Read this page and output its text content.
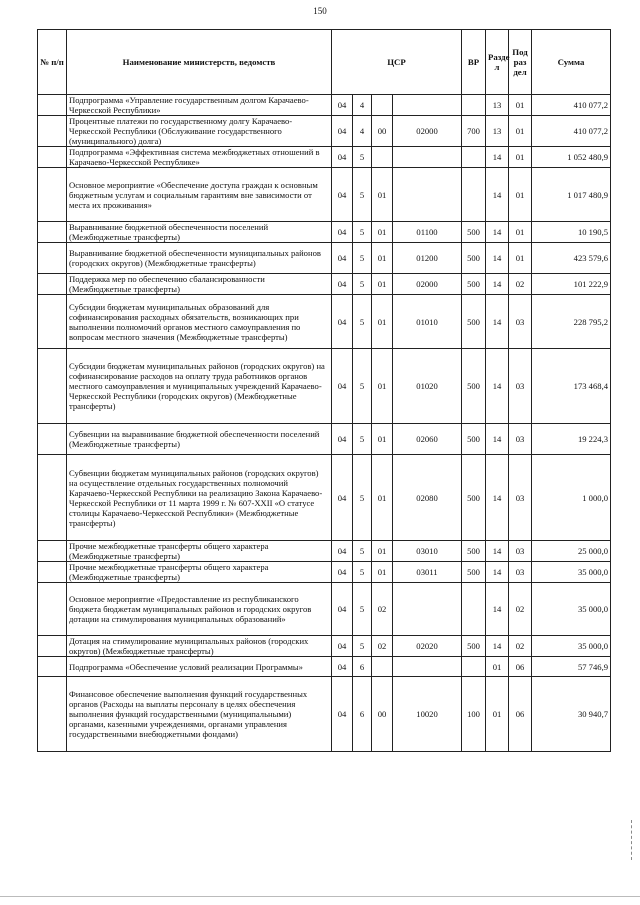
150
№ п/п	Наименование министерств, ведомств	ЦСР				ВР	Разде л	Под раз дел	Сумма
	Подпрограмма «Управление государственным долгом Карачаево-Черкесской Республики»	04	4				13	01	410 077,2
	Процентные платежи по государственному долгу Карачаево-Черкесской Республики (Обслуживание государственного (муниципального) долга)	04	4	00	02000	700	13	01	410 077,2
	Подпрограмма «Эффективная система межбюджетных отношений в Карачаево-Черкесской Республике»	04	5				14	01	1 052 480,9
	Основное мероприятие «Обеспечение доступа граждан к основным бюджетным услугам и социальным гарантиям вне зависимости от места их проживания»	04	5	01			14	01	1 017 480,9
	Выравнивание бюджетной обеспеченности поселений (Межбюджетные трансферты)	04	5	01	01100	500	14	01	10 190,5
	Выравнивание бюджетной обеспеченности муниципальных районов (городских округов) (Межбюджетные трансферты)	04	5	01	01200	500	14	01	423 579,6
	Поддержка мер по обеспечению сбалансированности (Межбюджетные трансферты)	04	5	01	02000	500	14	02	101 222,9
	Субсидии бюджетам муниципальных образований для софинансирования расходных обязательств, возникающих при выполнении полномочий органов местного самоуправления по вопросам местного значения (Межбюджетные трансферты)	04	5	01	01010	500	14	03	228 795,2
	Субсидии бюджетам муниципальных районов (городских округов) на софинансирование расходов на оплату труда работников органов местного самоуправления и муниципальных учреждений Карачаево-Черкесской Республики (городских округов) (Межбюджетные трансферты)	04	5	01	01020	500	14	03	173 468,4
	Субвенции на выравнивание бюджетной обеспеченности поселений (Межбюджетные трансферты)	04	5	01	02060	500	14	03	19 224,3
	Субвенции бюджетам муниципальных районов (городских округов) на осуществление отдельных государственных полномочий Карачаево-Черкесской Республики на реализацию Закона Карачаево-Черкесской Республики от 11 марта 1999 г. № 607-XXII «О статусе столицы Карачаево-Черкесской Республики» (Межбюджетные трансферты)	04	5	01	02080	500	14	03	1 000,0
	Прочие межбюджетные трансферты общего характера (Межбюджетные трансферты)	04	5	01	03010	500	14	03	25 000,0
	Прочие межбюджетные трансферты общего характера (Межбюджетные трансферты)	04	5	01	03011	500	14	03	35 000,0
	Основное мероприятие «Предоставление из республиканского бюджета бюджетам муниципальных районов и городских округов дотации на стимулирования муниципальных образований»	04	5	02			14	02	35 000,0
	Дотация на стимулирование муниципальных районов (городских округов) (Межбюджетные трансферты)	04	5	02	02020	500	14	02	35 000,0
	Подпрограмма «Обеспечение условий реализации Программы»	04	6				01	06	57 746,9
	Финансовое обеспечение выполнения функций государственных органов (Расходы на выплаты персоналу в целях обеспечения выполнения функций государственными (муниципальными) органами, казенными учреждениями, органами управления государственными внебюджетными фондами)	04	6	00	10020	100	01	06	30 940,7
